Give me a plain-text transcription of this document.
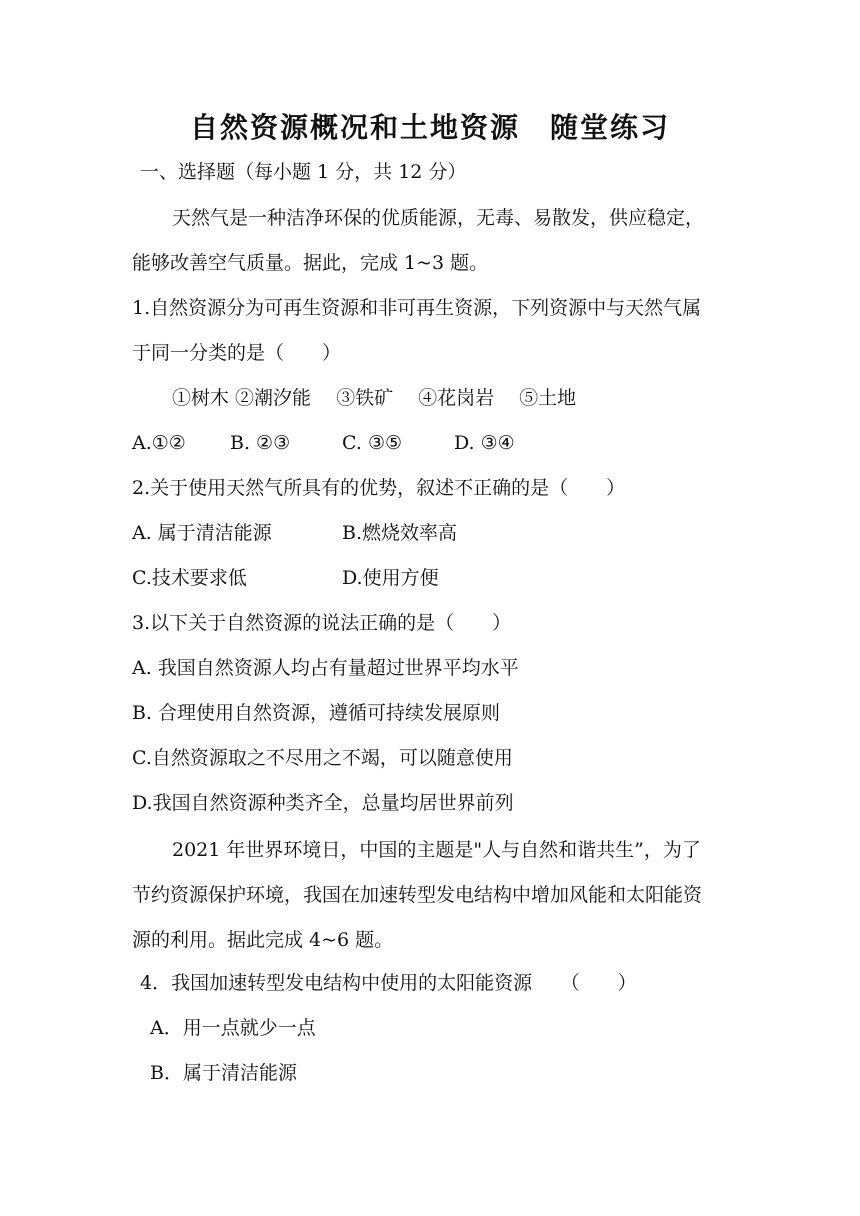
自然资源概况和土地资源　随堂练习
一、选择题（每小题 1 分，共 12 分）
天然气是一种洁净环保的优质能源，无毒、易散发，供应稳定，
能够改善空气质量。据此，完成 1~3 题。
1.自然资源分为可再生资源和非可再生资源，下列资源中与天然气属
于同一分类的是（　　）
①树木 ②潮汐能　 ③铁矿　 ④花岗岩　 ⑤土地
A.①② B. ②③	C. ③⑤	D. ③④
2.关于使用天然气所具有的优势，叙述不正确的是（　　）
A. 属于清洁能源	B.燃烧效率高
C.技术要求低	D.使用方便
3.以下关于自然资源的说法正确的是（　　）
A. 我国自然资源人均占有量超过世界平均水平
B. 合理使用自然资源，遵循可持续发展原则
C.自然资源取之不尽用之不竭，可以随意使用
D.我国自然资源种类齐全，总量均居世界前列
2021 年世界环境日，中国的主题是"人与自然和谐共生”，为了
节约资源保护环境，我国在加速转型发电结构中增加风能和太阳能资
源的利用。据此完成 4~6 题。
4．我国加速转型发电结构中使用的太阳能资源　　（　　）
A．用一点就少一点
B．属于清洁能源
